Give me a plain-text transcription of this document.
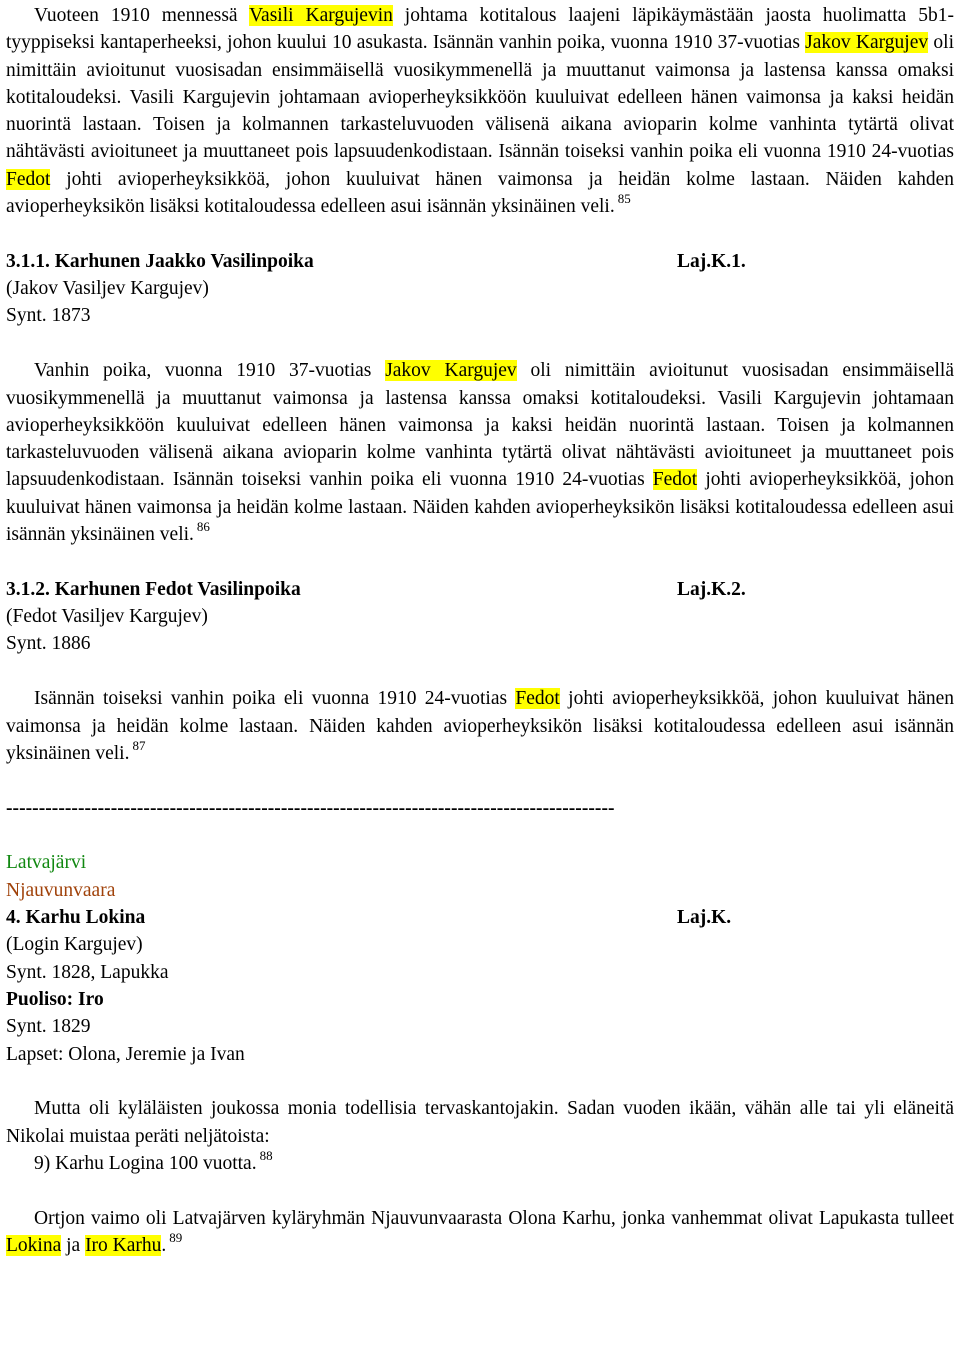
Vuoteen 1910 mennessä Vasili Kargujevin johtama kotitalous laajeni läpikäymästään jaosta huolimatta 5b1-tyyppiseksi kantaperheeksi, johon kuului 10 asukasta. Isännän vanhin poika, vuonna 1910 37-vuotias Jakov Kargujev oli nimittäin avioitunut vuosisadan ensimmäisellä vuosikymmenellä ja muuttanut vaimonsa ja lastensa kanssa omaksi kotitaloudeksi. Vasili Kargujevin johtamaan avioperheyksikköön kuuluivat edelleen hänen vaimonsa ja kaksi heidän nuorintä lastaan. Toisen ja kolmannen tarkasteluvuoden välisenä aikana avioparin kolme vanhinta tytärtä olivat nähtävästi avioituneet ja muuttaneet pois lapsuudenkodistaan. Isännän toiseksi vanhin poika eli vuonna 1910 24-vuotias Fedot johti avioperheyksikköä, johon kuuluivat hänen vaimonsa ja heidän kolme lastaan. Näiden kahden avioperheyksikön lisäksi kotitaloudessa edelleen asui isännän yksinäinen veli. $^{85}$

3.1.1. Karhunen Jaakko Vasilinpoika	Laj.K.1.

(Jakov Vasiljev Kargujev)

Synt. 1873

Vanhin poika, vuonna 1910 37-vuotias Jakov Kargujev oli nimittäin avioitunut vuosisadan ensimmäisellä vuosikymmenellä ja muuttanut vaimonsa ja lastensa kanssa omaksi kotitaloudeksi. Vasili Kargujevin johtamaan avioperheyksikköön kuuluivat edelleen hänen vaimonsa ja kaksi heidän nuorintä lastaan. Toisen ja kolmannen tarkasteluvuoden välisenä aikana avioparin kolme vanhinta tytärtä olivat nähtävästi avioituneet ja muuttaneet pois lapsuudenkodistaan. Isännän toiseksi vanhin poika eli vuonna 1910 24-vuotias Fedot johti avioperheyksikköä, johon kuuluivat hänen vaimonsa ja heidän kolme lastaan. Näiden kahden avioperheyksikön lisäksi kotitaloudessa edelleen asui isännän yksinäinen veli. $^{86}$

3.1.2. Karhunen Fedot Vasilinpoika	Laj.K.2.

(Fedot Vasiljev Kargujev)

Synt. 1886

Isännän toiseksi vanhin poika eli vuonna 1910 24-vuotias Fedot johti avioperheyksikköä, johon kuuluivat hänen vaimonsa ja heidän kolme lastaan. Näiden kahden avioperheyksikön lisäksi kotitaloudessa edelleen asui isännän yksinäinen veli. $^{87}$

---------------------------------------------------------------------------------------------

Latvajärvi

Njauvunvaara

4. Karhu Lokina	Laj.K.

(Login Kargujev)

Synt. 1828, Lapukka

Puoliso: Iro

Synt. 1829

Lapset: Olona, Jeremie ja Ivan

Mutta oli kyläläisten joukossa monia todellisia tervaskantojakin. Sadan vuoden ikään, vähän alle tai yli eläneitä Nikolai muistaa peräti neljätoista:

9) Karhu Logina 100 vuotta. $^{88}$

Ortjon vaimo oli Latvajärven kyläryhmän Njauvunvaarasta Olona Karhu, jonka vanhemmat olivat Lapukasta tulleet Lokina ja Iro Karhu. $^{89}$
